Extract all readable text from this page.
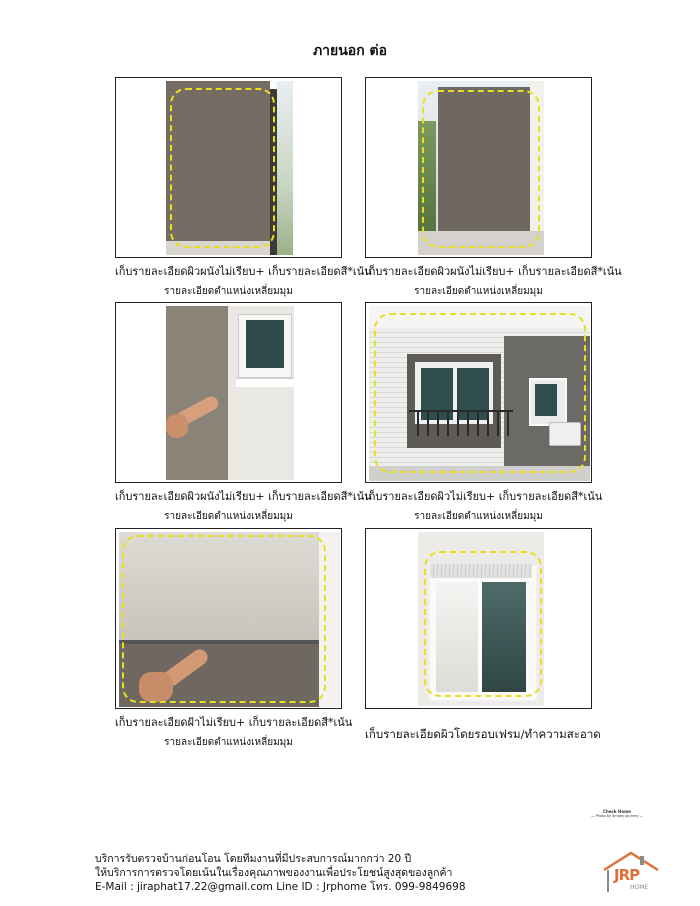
ภายนอก ต่อ
เก็บรายละเอียดผิวผนังไม่เรียบ+ เก็บรายละเอียดสี*เน้น
รายละเอียดตำแหน่งเหลี่ยมมุม
เก็บรายละเอียดผิวผนังไม่เรียบ+ เก็บรายละเอียดสี*เน้น
รายละเอียดตำแหน่งเหลี่ยมมุม
เก็บรายละเอียดผิวผนังไม่เรียบ+ เก็บรายละเอียดสี*เน้น
รายละเอียดตำแหน่งเหลี่ยมมุม
เก็บรายละเอียดผิวไม่เรียบ+ เก็บรายละเอียดสี*เน้น
รายละเอียดตำแหน่งเหลี่ยมมุม
เก็บรายละเอียดฝ้าไม่เรียบ+ เก็บรายละเอียดสี*เน้น
รายละเอียดตำแหน่งเหลี่ยมมุม
เก็บรายละเอียดผิวโดยรอบเฟรม/ทำความสะอาด
Check Home
— Photo by Smoey Journey —
บริการรับตรวจบ้านก่อนโอน โดยทีมงานที่มีประสบการณ์มากกว่า 20 ปี
ให้บริการการตรวจโดยเน้นในเรื่องคุณภาพของงานเพื่อประโยชน์สูงสุดของลูกค้า
E-Mail : jiraphat17.22@gmail.com Line ID : Jrphome โทร. 099-9849698
JRP
HOME
